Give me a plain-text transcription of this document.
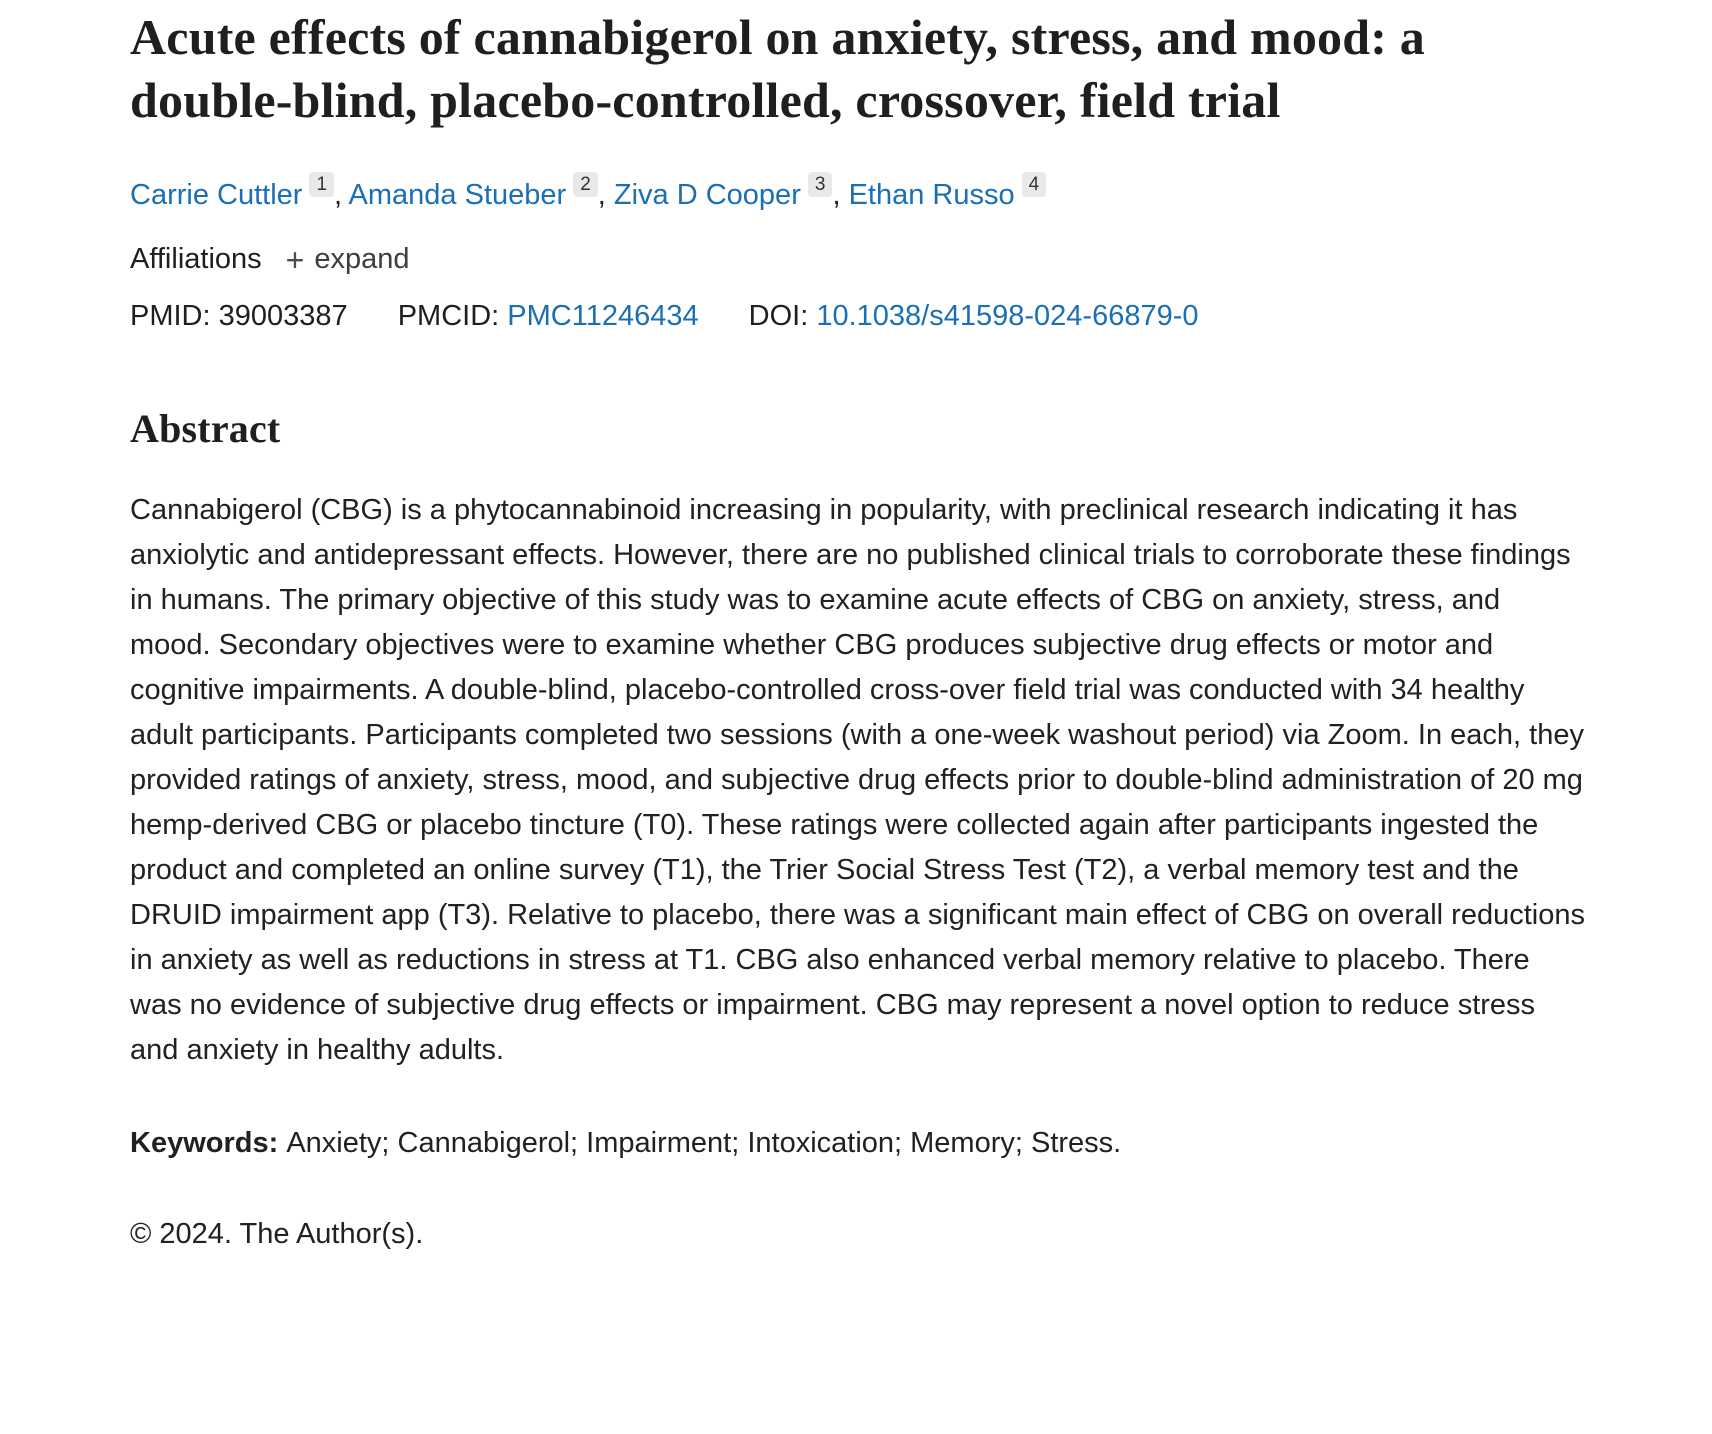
Acute effects of cannabigerol on anxiety, stress, and mood: a double-blind, placebo-controlled, crossover, field trial
Carrie Cuttler 1 , Amanda Stueber 2 , Ziva D Cooper 3 , Ethan Russo 4
Affiliations + expand
PMID: 39003387 PMCID: PMC11246434 DOI: 10.1038/s41598-024-66879-0
Abstract

Cannabigerol (CBG) is a phytocannabinoid increasing in popularity, with preclinical research indicating it has anxiolytic and antidepressant effects. However, there are no published clinical trials to corroborate these findings in humans. The primary objective of this study was to examine acute effects of CBG on anxiety, stress, and mood. Secondary objectives were to examine whether CBG produces subjective drug effects or motor and cognitive impairments. A double-blind, placebo-controlled cross-over field trial was conducted with 34 healthy adult participants. Participants completed two sessions (with a one-week washout period) via Zoom. In each, they provided ratings of anxiety, stress, mood, and subjective drug effects prior to double-blind administration of 20 mg hemp-derived CBG or placebo tincture (T0). These ratings were collected again after participants ingested the product and completed an online survey (T1), the Trier Social Stress Test (T2), a verbal memory test and the DRUID impairment app (T3). Relative to placebo, there was a significant main effect of CBG on overall reductions in anxiety as well as reductions in stress at T1. CBG also enhanced verbal memory relative to placebo. There was no evidence of subjective drug effects or impairment. CBG may represent a novel option to reduce stress and anxiety in healthy adults.

Keywords: Anxiety; Cannabigerol; Impairment; Intoxication; Memory; Stress.

© 2024. The Author(s).
